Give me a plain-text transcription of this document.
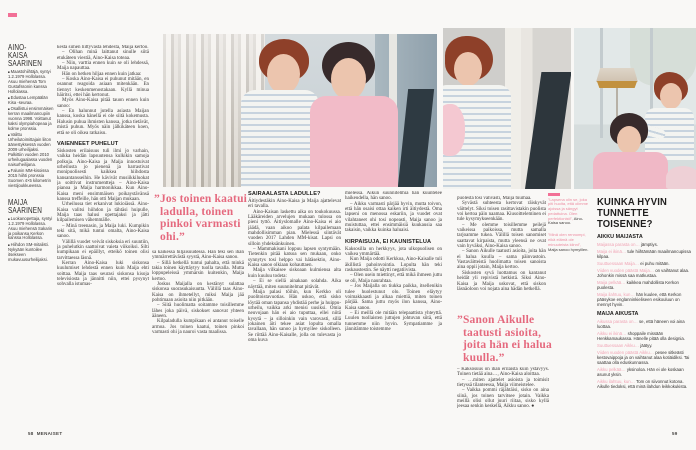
AINO-KAISA SAARINEN
■ Maastohiihtäjä, syntyi 1.2.1979 Hollolassa. Asuu miehensä Tom Gustafssonin kanssa Hollolassa.
■ Edustaa Lempäälän Kisa -seuraa.
■ Osallistui ensimmäisen kerran maailmancupiin vuonna 1998. Voittanut kaksi olympiahopeaa ja kolme pronssia.
■ Valittu Urheilutoimittajain liiton äänestyksessä vuoden 2009 urheilijaksi. Palkittiin vuoden 2010 urheilugaalassa vuoden naisurheilijana.
■ Falunin MM-kisoissa 2015 hiihti pronssia Suomen 4×5 kilometrin viestijoukkueessa.
MAIJA SAARINEN
■ Luokanopettaja, syntyi 1.2.1979 Hollolassa. Asuu miehensä Sakarin ja poikansa Kerkon kanssa Hollolassa.
■ Hiihdon SM-mitalisti. Nykyään kuntoilee itsekseen mukavuusurheilijaksi.

kesta siihen liittyvästä lehdestä, Maija kertoo.

– Olihan minä laittanut sinulle siitä etukäteen viestiä, Aino-Kaisa toteaa.

– Niin, varttia ennen kuin se oli lehdessä, Maija napauttaa.

Hän on hetken hiljaa ennen kuin jatkaa:

– Koska Aino-Kaisa ei puhunut mitään, en osannut reagoida asiaan mitenkään. En tiennyt keskenmenostakaan. Kyllä minua häiritsi, ettei hän kertonut.

Myös Aino-Kaisa pitää tauon ennen kuin sanoo:

– En halunnut jutella asiasta Maijan kanssa, koska hänellä ei ole siitä kokemusta. Halusin puhua ihmisten kanssa, jotka tietävät, mistä puhun. Myös näin jälkikäteen koen, että se oli oikea ratkaisu.

VAIENNEET PUHELUT

Siskosten erilaisuus tuli ilmi jo varhain, vaikka heidän lapsuutensa kulkikin samoja polkuja. Aino-Kaisa ja Maija innostuivat urheilusta jo pienenä ja harrastivat monipuolisesti kaikkea hiihdosta kansantansseihin. He kävivät musiikkiluokat ja soittivat instrumentteja – Aino-Kaisa pianoa ja Maija harmonikkaa. Kun Aino-Kaisa meni ensimmäisen poikaystävänsä kanssa treffeille, hän otti Maijan mukaan.

Urheilussa tiet erkanivat lukioiässä. Aino-Kaisa valitsi hiihdon ja tähtäsi huipulle, Maija taas halusi opettajaksi ja jätti kilpailemisen vähemmälle.

– Minä treenasin, ja Maija luki. Kumpikin teki sitä, mikä tuntui omalta, Aino-Kaisa sanoo.

Välillä vuodet veivät siskoksia eri suuntiin, ja puhelutkin saattoivat vaieta viikoiksi. Silti kumpikaan ei epäillyt, etteikö toinen olisi tarvittaessa läsnä.

Kerran Aino-Kaisa luki siskonsa kuulumiset lehdestä ennen kuin Maija ehti soittaa. Maija taas seurasi siskonsa kisoja televisiosta ja jännitti niin, ettei pysynyt sohvalla istumas-

”Jos toinen kaatui ladulla, toinen pinkoi varmasti ohi.”

sa kaikessa hiljaisuudessa. Hän teki sen ihan ymmärrettävästä syystä, Aino-Kaisa sanoo.

– Sillä hetkellä tuntui pahalta, että minkä takia toinen käyttäytyy tuolla tavalla. Mutta loppupeleissä ymmärsin kuitenkin, Maija kertoo.

Joskus Maijalla on kestänyt sulattaa siskonsa suorasukaisuutta. Välillä taas Aino-Kaisa on ihmetellyt, miksi Maija jää pohtimaan asioita niin pitkään.

– Siitä huolimatta soitamme toisillemme lähes joka päivä, siskokset sanovat yhteen ääneen.

Kilpaladulla kumpikaan ei antanut toiselle armoa. Jos toinen kaatui, toinen pinkoi varmasti ohi ja nauroi vasta maalissa.

SAIRAALASTA LADULLE?

Äitiydestäkin Aino-Kaisa ja Maija ajattelevat eri tavalla.

Aino-Kaisan laskettu aika on toukokuussa. Lääkäreiden arvelujen mukaan tulossa on pieni tyttö. Äitiyslomalle Aino-Kaisa ei aio jäädä, vaan aikoo palata kilpailemaan mahdollisimman pian. Mielessä siintävät vuoden 2017 Lahden MM-kisat. Lapsi on silloin yhdeksänkuinen.

– Mammakisani loppuu lapsen syntymään. Tietenkin pitää katsoa sen mukaan, onko synnytys tosi helppo vai hätäsektio, Aino-Kaisa sanoo olkiaan kohauttaen.

Maija vilkaisee siskoaan kulmiensa alta kuin kuuluu todeta:

– Ei se siellä ainakaan solahda. Aika näyttää, miten suunnitelmat pitävät.

Maija palasi töihin, kun Kerkko oli puolitoistavuotias. Hän uskoo, että sisko löytää oman tapansa yhdistää perhe ja huippu-urheilu, vaikka arki menisi uusiksi. Omia neuvojaan hän ei aio tuputtaa, ellei niitä kysytä – ja silloinkin vain varovasti, sillä jokainen äiti tekee asiat lopulta omalla tavallaan, hän sanoo ja hymyilee siskolleen. Se riittää Aino-Kaisalle, jolla on tulevasta jo oma kuva

mielessä. Aikun suunnitelmia hän kuuntelee haikeudella, hän sanoo.

– Aikku varmasti pärjää hyvin, mutta toivon, että hän osaisi ottaa kaiken irti äitiydestä. Oma lapseni on menossa eskariin, ja vuodet ovat vilahtaneet ohi tosi nopeasti, Maija sanoo ja muistuttaa, ettei ensimmäisiä kuukausia saa takaisin, vaikka kuinka haluaisi.

KIRPAISUJA, EI KAUNISTELUA

Kaksosilla on herkkyys, jota ulkopuolisen on vaikea ymmärtää.

Kun Maija odotti Kerkkoa, Aino-Kaisalle tuli äkillistä pahoinvointia. Lopulta hän teki raskaustestin. Se näytti negatiivista.

– Olen usein miettinyt, että mikä ihmeen juttu se oli, Maija naurahtaa.

– Jos Maijalla on tiukka paikka, itsellenikin tulee huolestunut olo. Toinen eläytyy voimakkaasti ja alkaa miettiä, miten toinen pärjää. Sama juttu myös ilon kanssa, Aino-Kaisa sanoo.

– Ei meillä ole mitään telepaattista yhteyttä. Luulen tuollaisten juttujen johtuvan siitä, että tunnemme niin hyvin. Sympatiamme ja jännitämme toistemme

puolesta tosi vahvasti, Maija tuumaa.

Syvästä suhteesta kertovat räiskyvät väittelyt. Siksi toisen rasittavistakin puolista voi kertoa päin naamaa. Kiusoitteleminen ei tule kysymykseenkään.

– Me olemme toisillemme peilejä vaikeissa paikoissa, mutta samalla tarjoamme tukea. Välillä toisen sanomiset saattavat kirpaista, mutta yleensä ne ovat vain hyväksi, Aino-Kaisa sanoo.

– Sanon Aikulle taatusti asioita, joita hän ei halua kuulla – sama päinvastoin. Vastaväitteistä huolimatta toisen sanoista aina oppii jotain, Maija kertoo.

Siskosten syvä luottamus on kantanut heidät yli repivistä hetkistä. Siksi Aino-Kaisa ja Maija uskovat, että siskon läsnäoloon voi nojata aina hädän hetkellä.

”Sanon Aikulle taatusti asioita, joita hän ei halua kuulla.”

– Kaksosuus on ihan erilaista kuin ystävyys. Toinen tietää aina…, Aino-Kaisa aloittaa.

– …miten ajattelet asioista ja toimisit tietyssä tilanteessa, Maija viimeistelee.

– Vaikka pommi räjähtäisi, sisko on aina siinä, jos toinen tarvitsee jotain. Vaikka meillä olisi ollut juuri riitaa, sisko kyllä jeesaa senkin keskellä, Aikku sanoo. ●

”Lapsena olin se, joka piti huolta, että olimme ajoissa ja sängyt pedattuina. Olen perfektionisti”, Aino-Kaisa sanoo.
”Minä olen rennompi, eikä elämä ole minuuteista kiinni”, Maija sanoo hymyillen.
KUINKA HYVIN TUNNETTE TOISENNE?
AIKKU MAIJASTA

Maijassa parasta on… jämptiys.

Maija ei ikinä… tule hiihtämään maailmancupissa kilpaa.

Suuttuessaan Maija… ei puhu mitään.

Viiden vuoden päästä Maija… on vaihtanut alaa. Johonkin missä saa matkustaa.

Maija pelkää… kaikkea mahdollista Kerkon puolesta.

Maija ilahtuu, kun… hän kuulee, että Kerkon pääsykoe englanninkieliseen esikouluun on mennyt hyvin.

MAIJA AIKUSTA

Aikussa parasta on… se, että häneen voi aina luottaa.

Aikku ei ikinä… shoppaile missään Henkkamaukassa. Hänelle pitää olla designia.

Suuttuessaan Aikku… jäätyy.

Viiden vuoden päästä Aikku… pesee sitkeästi kestovaippoja ja on vaihtanut alaa kotiäidiksi. Tai saattaa olla eduskunnassa.

Aikku pelkää… yksinoloa. Hän ei ole koskaan asunut yksin.

Aikku ilahtuu, kun… Tom on siivonnut kotona. Aikulle tiedoksi, että minä ilahdun leikkokukista.

58 MENAISET	59
